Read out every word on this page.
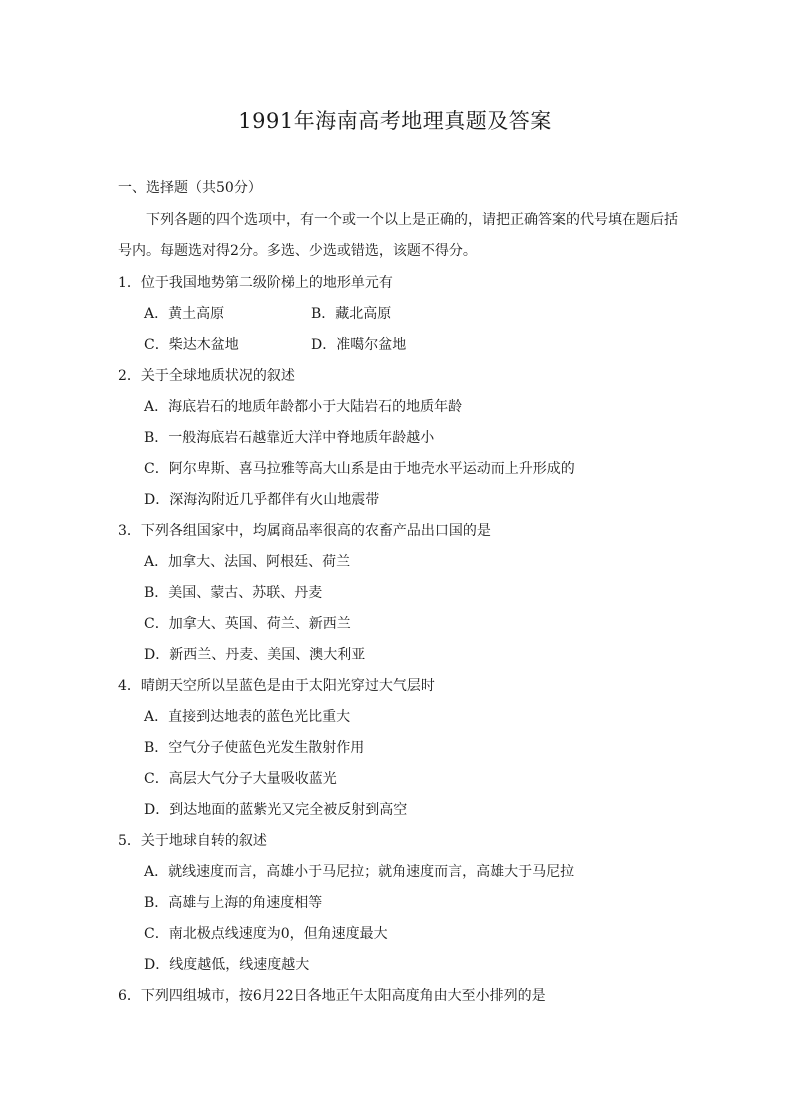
1991年海南高考地理真题及答案
一、选择题（共50分）
下列各题的四个选项中，有一个或一个以上是正确的，请把正确答案的代号填在题后括号内。每题选对得2分。多选、少选或错选，该题不得分。
1．位于我国地势第二级阶梯上的地形单元有
A．黄土高原	B．藏北高原
C．柴达木盆地	D．准噶尔盆地
2．关于全球地质状况的叙述
A．海底岩石的地质年龄都小于大陆岩石的地质年龄
B．一般海底岩石越靠近大洋中脊地质年龄越小
C．阿尔卑斯、喜马拉雅等高大山系是由于地壳水平运动而上升形成的
D．深海沟附近几乎都伴有火山地震带
3．下列各组国家中，均属商品率很高的农畜产品出口国的是
A．加拿大、法国、阿根廷、荷兰
B．美国、蒙古、苏联、丹麦
C．加拿大、英国、荷兰、新西兰
D．新西兰、丹麦、美国、澳大利亚
4．晴朗天空所以呈蓝色是由于太阳光穿过大气层时
A．直接到达地表的蓝色光比重大
B．空气分子使蓝色光发生散射作用
C．高层大气分子大量吸收蓝光
D．到达地面的蓝紫光又完全被反射到高空
5．关于地球自转的叙述
A．就线速度而言，高雄小于马尼拉；就角速度而言，高雄大于马尼拉
B．高雄与上海的角速度相等
C．南北极点线速度为0，但角速度最大
D．线度越低，线速度越大
6．下列四组城市，按6月22日各地正午太阳高度角由大至小排列的是
